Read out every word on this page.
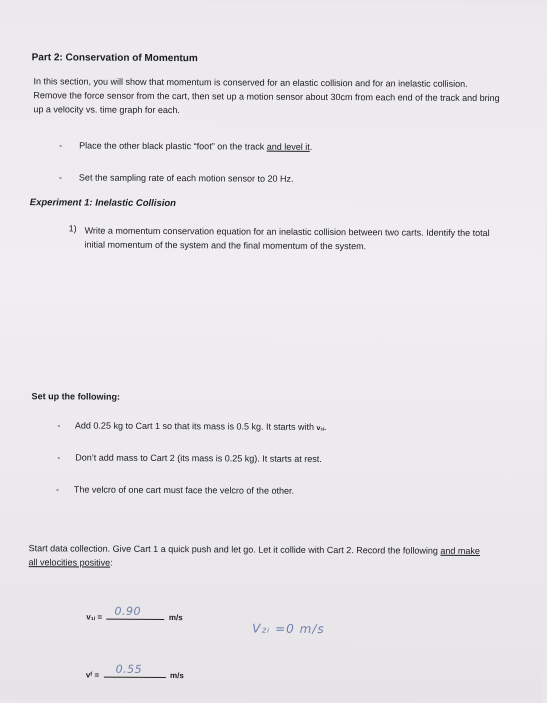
Part 2: Conservation of Momentum
In this section, you will show that momentum is conserved for an elastic collision and for an inelastic collision. Remove the force sensor from the cart, then set up a motion sensor about 30cm from each end of the track and bring up a velocity vs. time graph for each.
- Place the other black plastic “foot” on the track and level it.
- Set the sampling rate of each motion sensor to 20 Hz.
Experiment 1: Inelastic Collision
1) Write a momentum conservation equation for an inelastic collision between two carts. Identify the total initial momentum of the system and the final momentum of the system.
Set up the following:
- Add 0.25 kg to Cart 1 so that its mass is 0.5 kg. It starts with v₁ᵢ.
- Don’t add mass to Cart 2 (its mass is 0.25 kg). It starts at rest.
- The velcro of one cart must face the velcro of the other.
Start data collection. Give Cart 1 a quick push and let go. Let it collide with Cart 2. Record the following and make all velocities positive:
v₁ᵢ = 0.90	m/s
V₂ᵢ =0 m/s
vᶠ = 0.55	m/s
